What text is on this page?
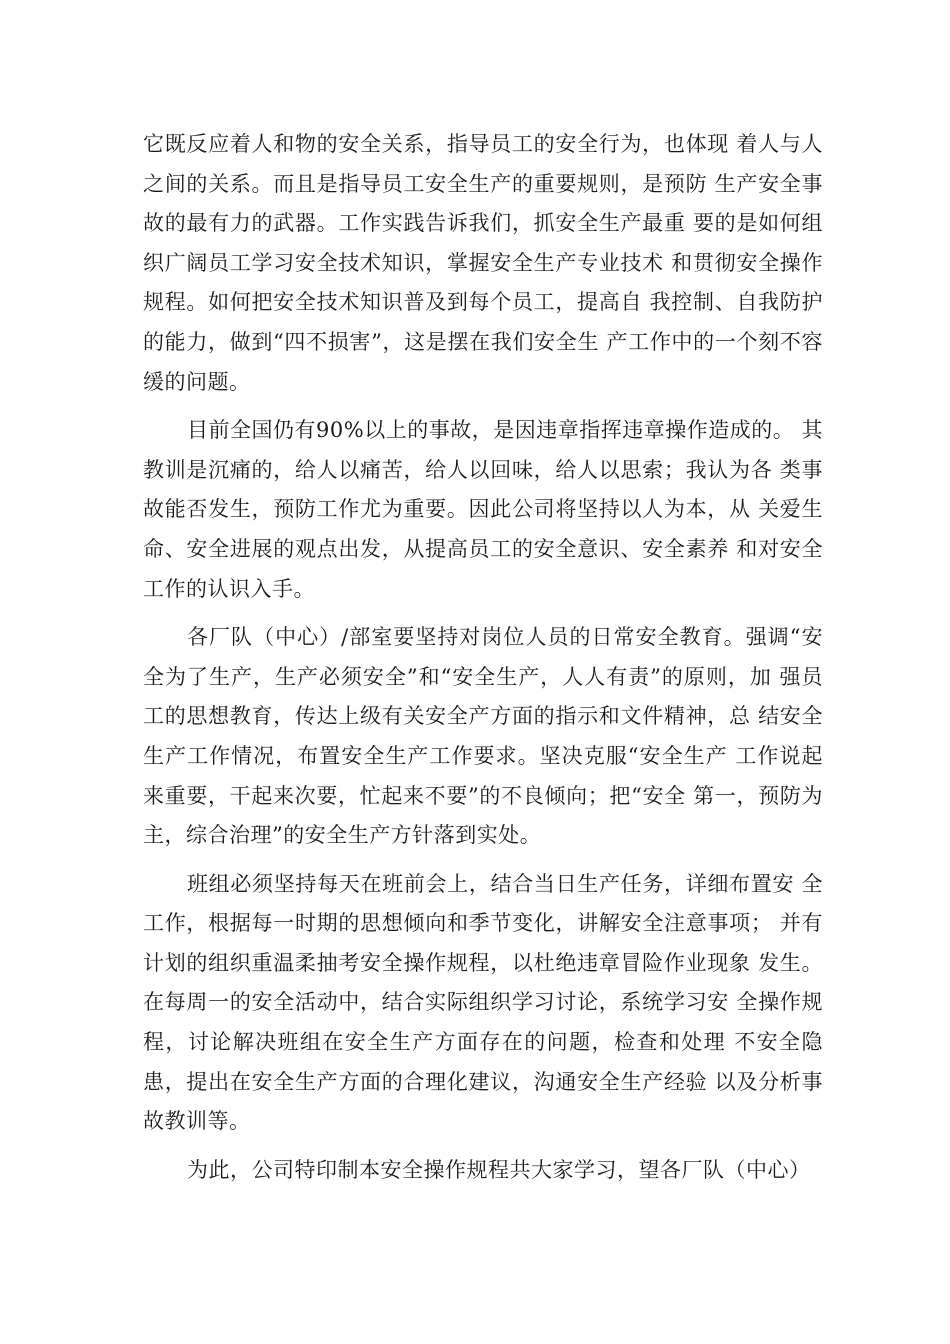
它既反应着人和物的安全关系，指导员工的安全行为，也体现 着人与人之间的关系。而且是指导员工安全生产的重要规则，是预防 生产安全事故的最有力的武器。工作实践告诉我们，抓安全生产最重 要的是如何组织广阔员工学习安全技术知识，掌握安全生产专业技术 和贯彻安全操作规程。如何把安全技术知识普及到每个员工，提高自 我控制、自我防护的能力，做到“四不损害”，这是摆在我们安全生 产工作中的一个刻不容缓的问题。

目前全国仍有90%以上的事故，是因违章指挥违章操作造成的。 其教训是沉痛的，给人以痛苦，给人以回味，给人以思索；我认为各 类事故能否发生，预防工作尤为重要。因此公司将坚持以人为本，从 关爱生命、安全进展的观点出发，从提高员工的安全意识、安全素养 和对安全工作的认识入手。

各厂队（中心）/部室要坚持对岗位人员的日常安全教育。强调“安全为了生产，生产必须安全”和“安全生产，人人有责”的原则，加 强员工的思想教育，传达上级有关安全产方面的指示和文件精神，总 结安全生产工作情况，布置安全生产工作要求。坚决克服“安全生产 工作说起来重要，干起来次要，忙起来不要”的不良倾向；把“安全 第一，预防为主，综合治理”的安全生产方针落到实处。

班组必须坚持每天在班前会上，结合当日生产任务，详细布置安 全工作，根据每一时期的思想倾向和季节变化，讲解安全注意事项； 并有计划的组织重温柔抽考安全操作规程，以杜绝违章冒险作业现象 发生。在每周一的安全活动中，结合实际组织学习讨论，系统学习安 全操作规程，讨论解决班组在安全生产方面存在的问题，检查和处理 不安全隐患，提出在安全生产方面的合理化建议，沟通安全生产经验 以及分析事故教训等。

为此，公司特印制本安全操作规程共大家学习，望各厂队（中心）
